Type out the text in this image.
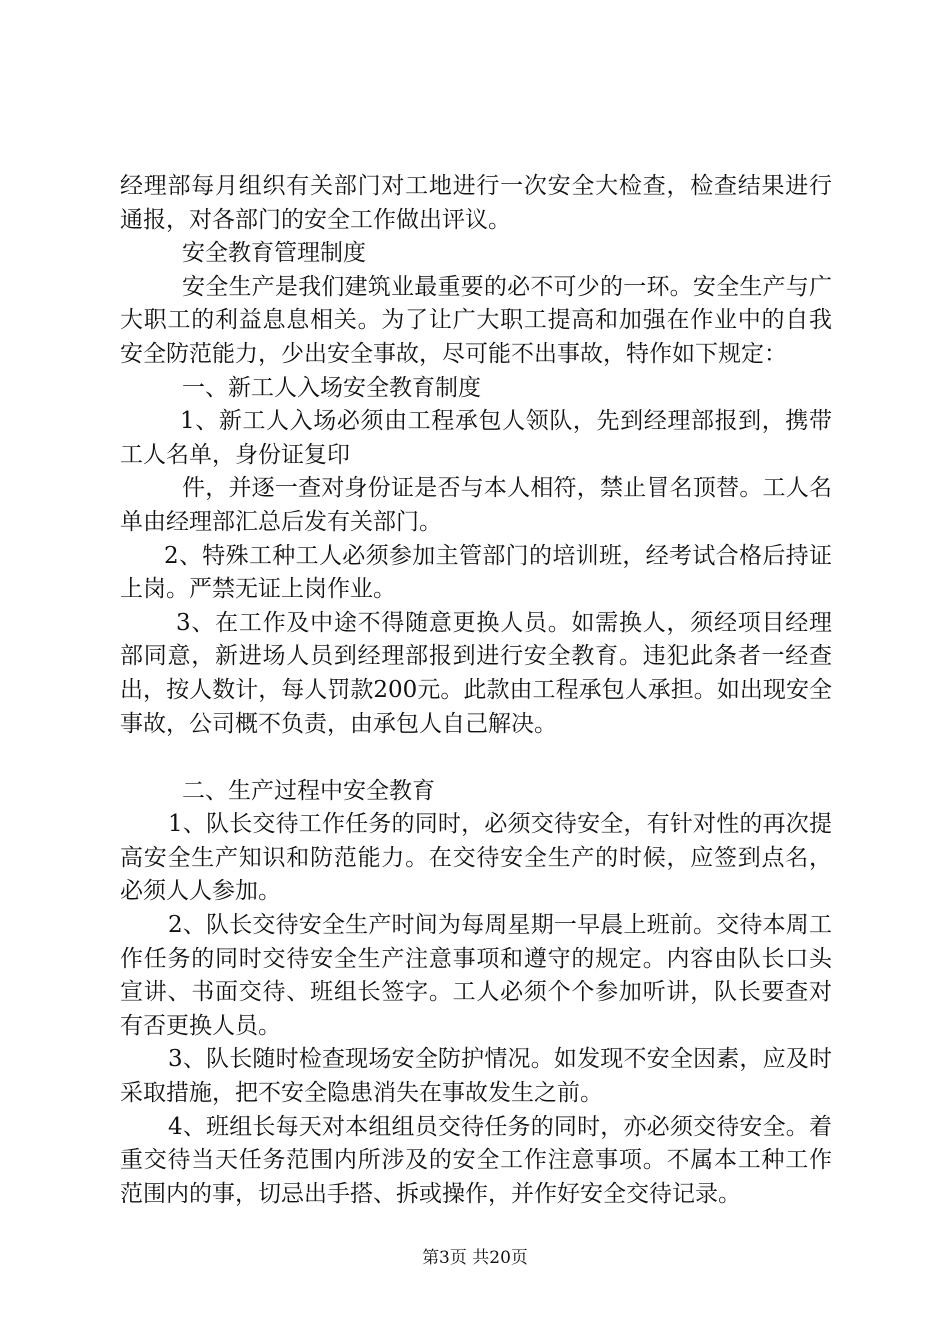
经理部每月组织有关部门对工地进行一次安全大检查，检查结果进行通报，对各部门的安全工作做出评议。

安全教育管理制度

安全生产是我们建筑业最重要的必不可少的一环。安全生产与广大职工的利益息息相关。为了让广大职工提高和加强在作业中的自我安全防范能力，少出安全事故，尽可能不出事故，特作如下规定：

一、新工人入场安全教育制度

1、新工人入场必须由工程承包人领队，先到经理部报到，携带工人名单，身份证复印

件，并逐一查对身份证是否与本人相符，禁止冒名顶替。工人名单由经理部汇总后发有关部门。

2、特殊工种工人必须参加主管部门的培训班，经考试合格后持证上岗。严禁无证上岗作业。

3、在工作及中途不得随意更换人员。如需换人，须经项目经理部同意，新进场人员到经理部报到进行安全教育。违犯此条者一经查出，按人数计，每人罚款200元。此款由工程承包人承担。如出现安全事故，公司概不负责，由承包人自己解决。

二、生产过程中安全教育

1、队长交待工作任务的同时，必须交待安全，有针对性的再次提高安全生产知识和防范能力。在交待安全生产的时候，应签到点名，必须人人参加。

2、队长交待安全生产时间为每周星期一早晨上班前。交待本周工作任务的同时交待安全生产注意事项和遵守的规定。内容由队长口头宣讲、书面交待、班组长签字。工人必须个个参加听讲，队长要查对有否更换人员。

3、队长随时检查现场安全防护情况。如发现不安全因素，应及时采取措施，把不安全隐患消失在事故发生之前。

4、班组长每天对本组组员交待任务的同时，亦必须交待安全。着重交待当天任务范围内所涉及的安全工作注意事项。不属本工种工作范围内的事，切忌出手搭、拆或操作，并作好安全交待记录。

第3页 共20页
